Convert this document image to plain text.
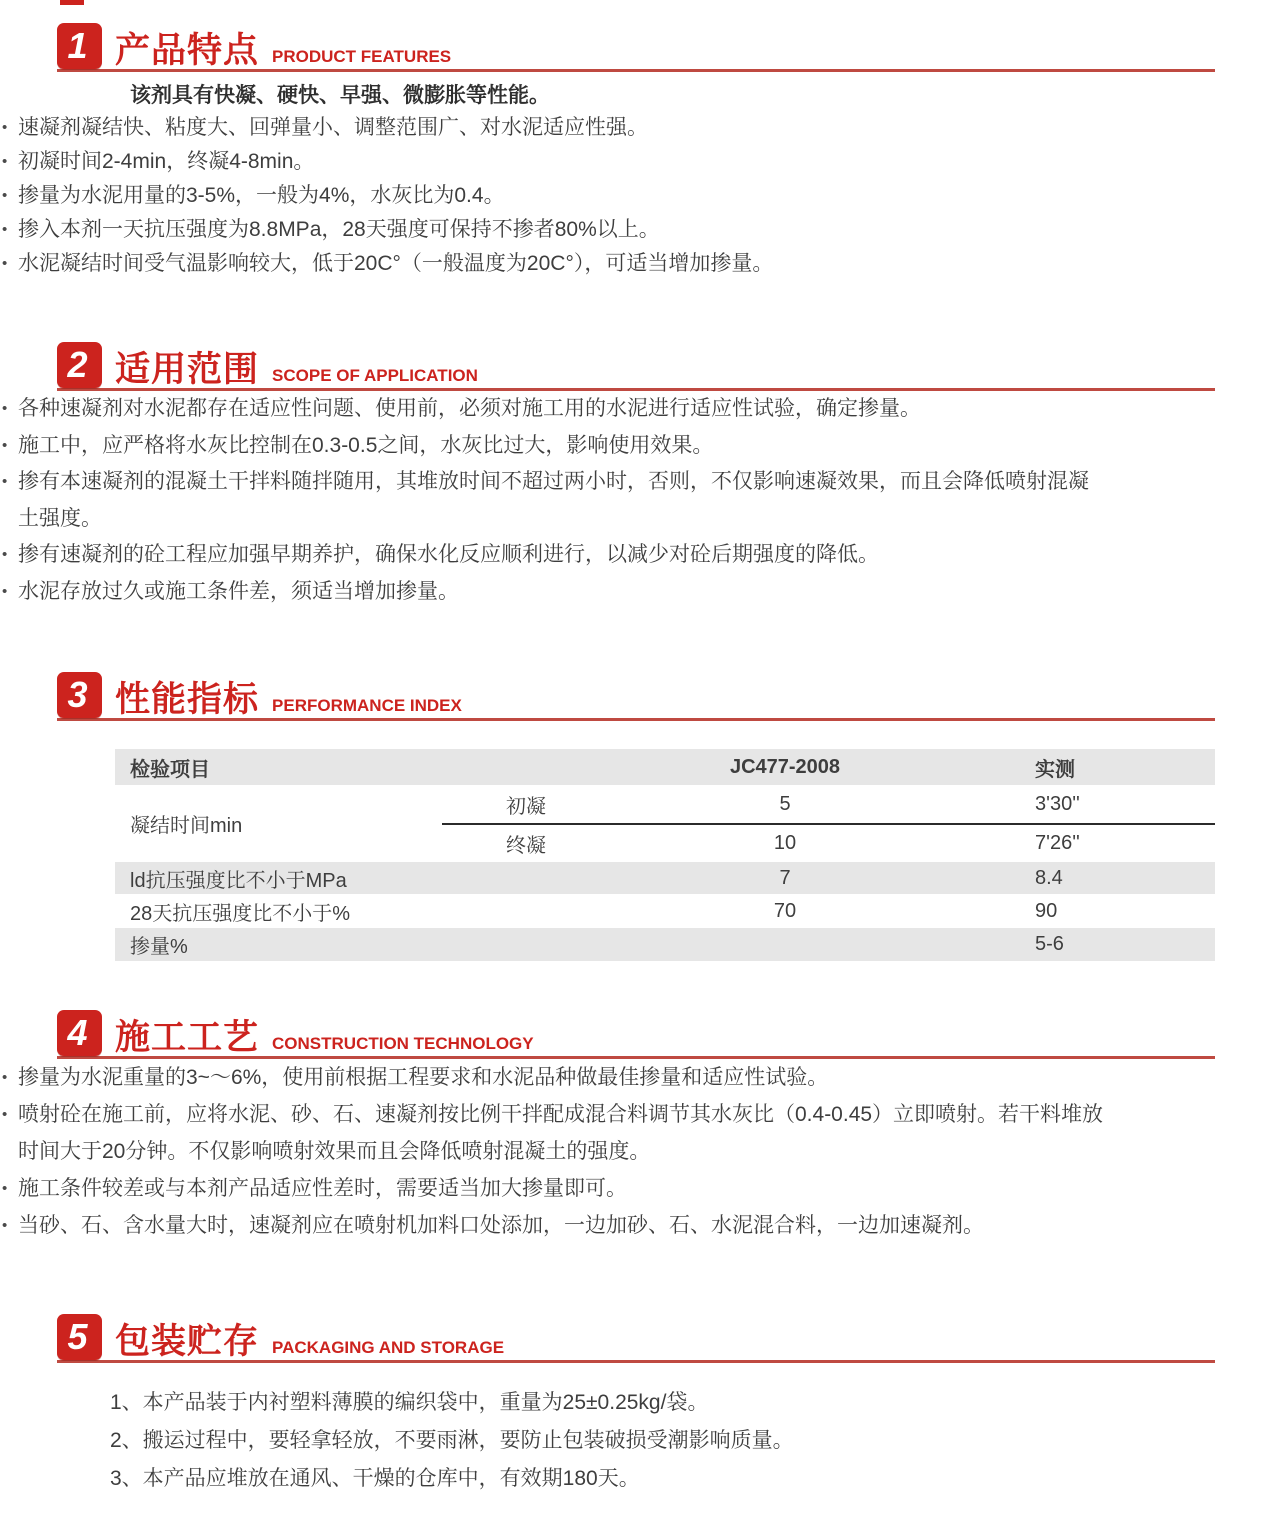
1 产品特点 PRODUCT FEATURES

该剂具有快凝、硬快、早强、微膨胀等性能。

• 速凝剂凝结快、粘度大、回弹量小、调整范围广、对水泥适应性强。
• 初凝时间2-4min，终凝4-8min。
• 掺量为水泥用量的3-5%，一般为4%，水灰比为0.4。
• 掺入本剂一天抗压强度为8.8MPa，28天强度可保持不掺者80%以上。
• 水泥凝结时间受气温影响较大，低于20C°（一般温度为20C°），可适当增加掺量。
2 适用范围 SCOPE OF APPLICATION
• 各种速凝剂对水泥都存在适应性问题、使用前，必须对施工用的水泥进行适应性试验，确定掺量。
• 施工中，应严格将水灰比控制在0.3-0.5之间，水灰比过大，影响使用效果。
• 掺有本速凝剂的混凝土干拌料随拌随用，其堆放时间不超过两小时，否则，不仅影响速凝效果，而且会降低喷射混凝土强度。
• 掺有速凝剂的砼工程应加强早期养护，确保水化反应顺利进行，以减少对砼后期强度的降低。
• 水泥存放过久或施工条件差，须适当增加掺量。
3 性能指标 PERFORMANCE INDEX
检验项目		JC477-2008	实测
凝结时间min	初凝	5	3'30''
	终凝	10	7'26''
ld抗压强度比不小于MPa		7	8.4
28天抗压强度比不小于%		70	90
掺量%			5-6
4 施工工艺 CONSTRUCTION TECHNOLOGY
• 掺量为水泥重量的3~～6%，使用前根据工程要求和水泥品种做最佳掺量和适应性试验。
• 喷射砼在施工前，应将水泥、砂、石、速凝剂按比例干拌配成混合料调节其水灰比（0.4-0.45）立即喷射。若干料堆放时间大于20分钟。不仅影响喷射效果而且会降低喷射混凝土的强度。
• 施工条件较差或与本剂产品适应性差时，需要适当加大掺量即可。
• 当砂、石、含水量大时，速凝剂应在喷射机加料口处添加，一边加砂、石、水泥混合料，一边加速凝剂。
5 包装贮存 PACKAGING AND STORAGE

1、本产品装于内衬塑料薄膜的编织袋中，重量为25±0.25kg/袋。

2、搬运过程中，要轻拿轻放，不要雨淋，要防止包装破损受潮影响质量。

3、本产品应堆放在通风、干燥的仓库中，有效期180天。
